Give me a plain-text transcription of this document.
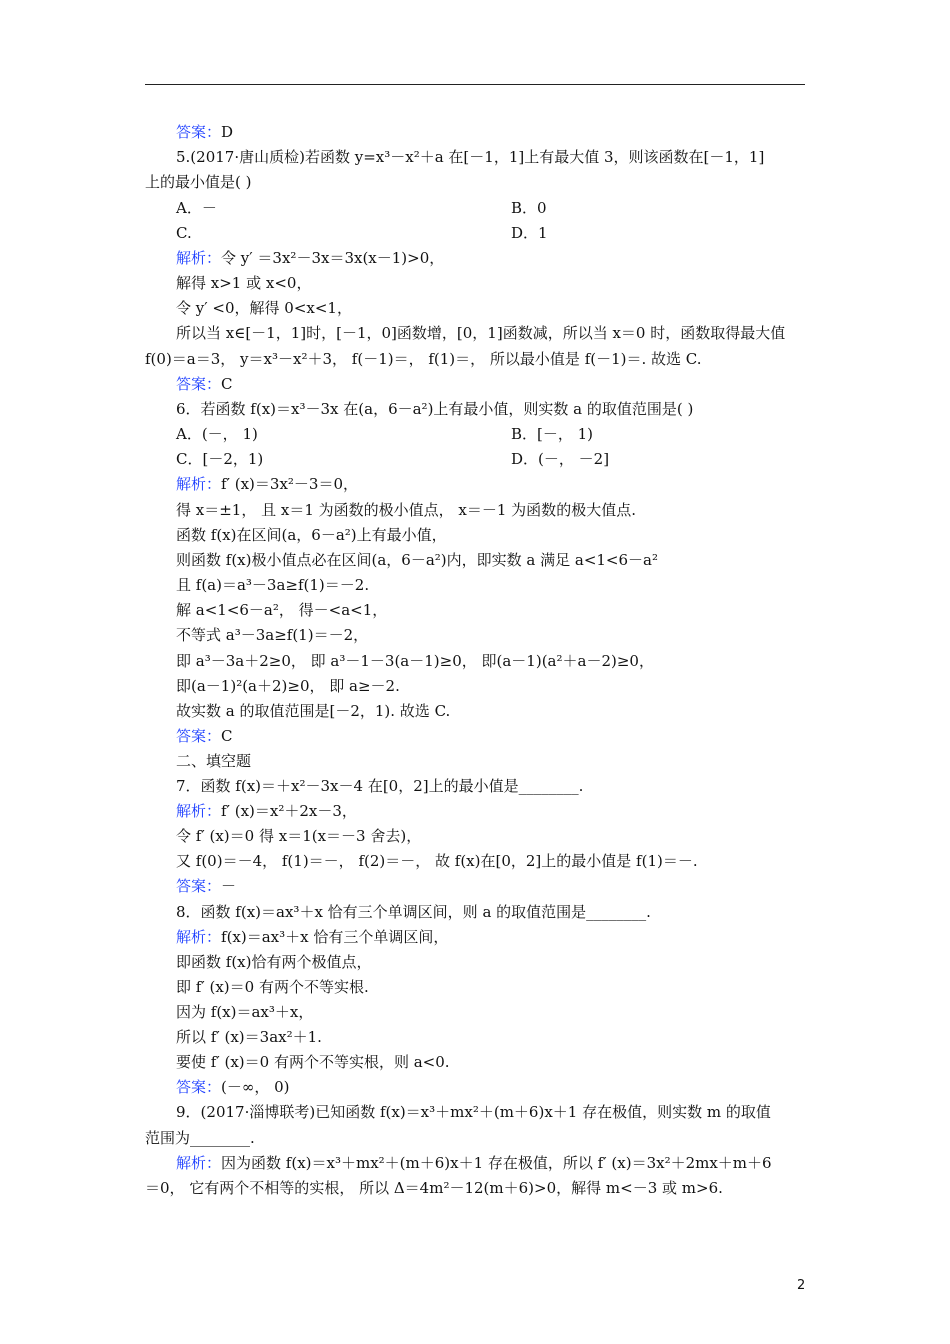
答案：D
5.(2017·唐山质检)若函数 y=x³－x²＋a 在[－1，1]上有最大值 3，则该函数在[－1，1]
上的最小值是( )
A．－	B．0
C.	D．1
解析：令 y′ ＝3x²－3x＝3x(x－1)>0，
解得 x>1 或 x<0，
令 y′ <0，解得 0<x<1，
所以当 x∈[－1，1]时，[－1，0]函数增，[0，1]函数减，所以当 x＝0 时，函数取得最大值
f(0)＝a＝3， y＝x³－x²＋3， f(－1)＝， f(1)＝， 所以最小值是 f(－1)＝. 故选 C.
答案：C
6．若函数 f(x)＝x³－3x 在(a，6－a²)上有最小值，则实数 a 的取值范围是( )
A．(－， 1)	B．[－， 1)
C．[－2，1)	D．(－， －2]
解析：f′ (x)＝3x²－3＝0，
得 x＝±1， 且 x＝1 为函数的极小值点， x＝－1 为函数的极大值点.
函数 f(x)在区间(a，6－a²)上有最小值，
则函数 f(x)极小值点必在区间(a，6－a²)内，即实数 a 满足 a<1<6－a²
且 f(a)＝a³－3a≥f(1)＝－2.
解 a<1<6－a²， 得－<a<1，
不等式 a³－3a≥f(1)＝－2，
即 a³－3a＋2≥0， 即 a³－1－3(a－1)≥0， 即(a－1)(a²＋a－2)≥0，
即(a－1)²(a＋2)≥0， 即 a≥－2.
故实数 a 的取值范围是[－2，1). 故选 C.
答案：C
二、填空题
7．函数 f(x)＝＋x²－3x－4 在[0，2]上的最小值是________.
解析：f′ (x)＝x²＋2x－3，
令 f′ (x)＝0 得 x＝1(x＝－3 舍去)，
又 f(0)＝－4， f(1)＝－， f(2)＝－， 故 f(x)在[0，2]上的最小值是 f(1)＝－.
答案：－
8．函数 f(x)＝ax³＋x 恰有三个单调区间，则 a 的取值范围是________.
解析：f(x)＝ax³＋x 恰有三个单调区间，
即函数 f(x)恰有两个极值点，
即 f′ (x)＝0 有两个不等实根.
因为 f(x)＝ax³＋x，
所以 f′ (x)＝3ax²＋1.
要使 f′ (x)＝0 有两个不等实根，则 a<0.
答案：(－∞， 0)
9．(2017·淄博联考)已知函数 f(x)＝x³＋mx²＋(m＋6)x＋1 存在极值，则实数 m 的取值
范围为________.
解析：因为函数 f(x)＝x³＋mx²＋(m＋6)x＋1 存在极值，所以 f′ (x)＝3x²＋2mx＋m＋6
＝0， 它有两个不相等的实根， 所以 Δ＝4m²－12(m＋6)>0，解得 m<－3 或 m>6.
2
